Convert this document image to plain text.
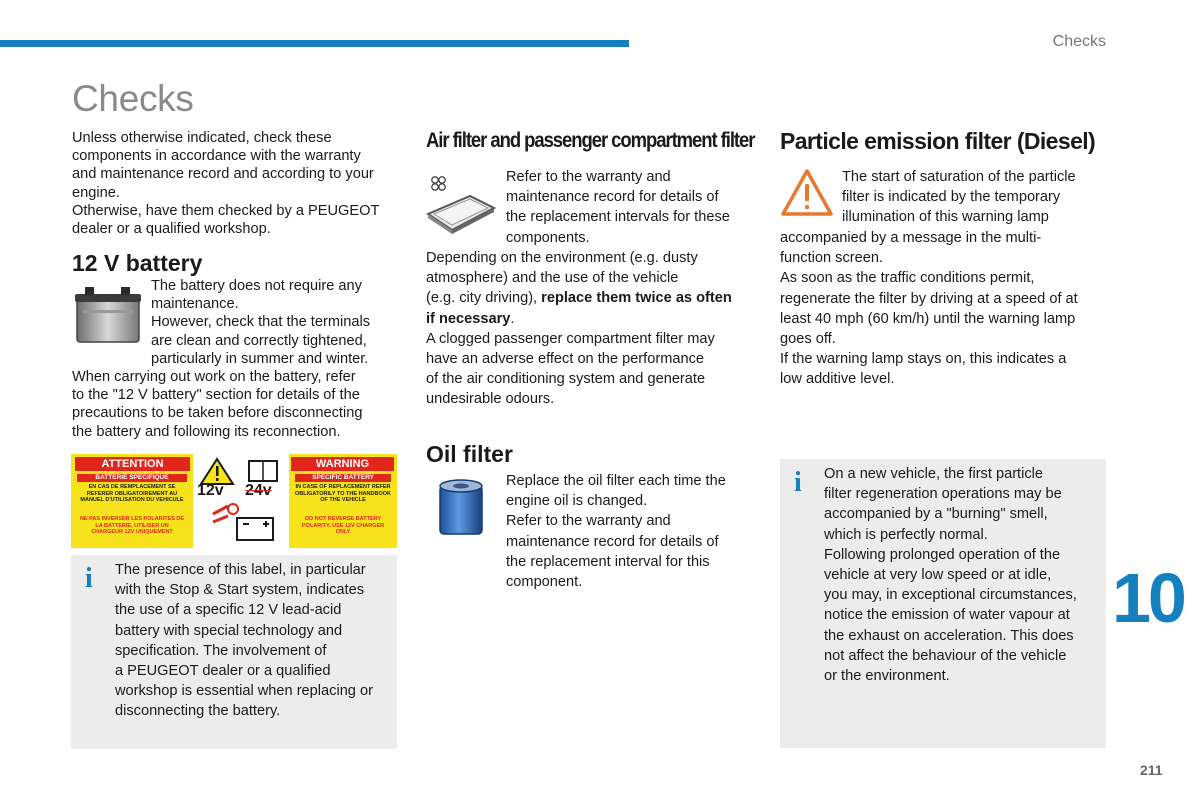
Checks
Checks
Unless otherwise indicated, check these
components in accordance with the warranty
and maintenance record and according to your
engine.
Otherwise, have them checked by a PEUGEOT
dealer or a qualified workshop.
12 V battery
The battery does not require any
maintenance.
However, check that the terminals
are clean and correctly tightened,
particularly in summer and winter.
When carrying out work on the battery, refer
to the "12 V battery" section for details of the
precautions to be taken before disconnecting
the battery and following its reconnection.
ATTENTION	WARNING
BATTERIE SPECIFIQUE
EN CAS DE REMPLACEMENT SE REFERER OBLIGATOIREMENT AU MANUEL D'UTILISATION DU VEHICULE
NE PAS INVERSER LES POLARITES DE LA BATTERIE, UTILISER UN CHARGEUR 12V UNIQUEMENT
SPECIFIC BATTERY
IN CASE OF REPLACEMENT REFER OBLIGATORILY TO THE HANDBOOK OF THE VEHICLE
DO NOT REVERSE BATTERY POLARITY, USE 12V CHARGER ONLY
12v 24v
i The presence of this label, in particular
with the Stop & Start system, indicates
the use of a specific 12 V lead-acid
battery with special technology and
specification. The involvement of
a PEUGEOT dealer or a qualified
workshop is essential when replacing or
disconnecting the battery.
Air filter and passenger compartment filter
Refer to the warranty and
maintenance record for details of
the replacement intervals for these
components.
Depending on the environment (e.g. dusty
atmosphere) and the use of the vehicle
(e.g. city driving), replace them twice as often
if necessary.
A clogged passenger compartment filter may
have an adverse effect on the performance
of the air conditioning system and generate
undesirable odours.
Oil filter
Replace the oil filter each time the
engine oil is changed.
Refer to the warranty and
maintenance record for details of
the replacement interval for this
component.
Particle emission filter (Diesel)
The start of saturation of the particle
filter is indicated by the temporary
illumination of this warning lamp
accompanied by a message in the multi-
function screen.
As soon as the traffic conditions permit,
regenerate the filter by driving at a speed of at
least 40 mph (60 km/h) until the warning lamp
goes off.
If the warning lamp stays on, this indicates a
low additive level.
i On a new vehicle, the first particle
filter regeneration operations may be
accompanied by a "burning" smell,
which is perfectly normal.
Following prolonged operation of the
vehicle at very low speed or at idle,
you may, in exceptional circumstances,
notice the emission of water vapour at
the exhaust on acceleration. This does
not affect the behaviour of the vehicle
or the environment.
10
211
